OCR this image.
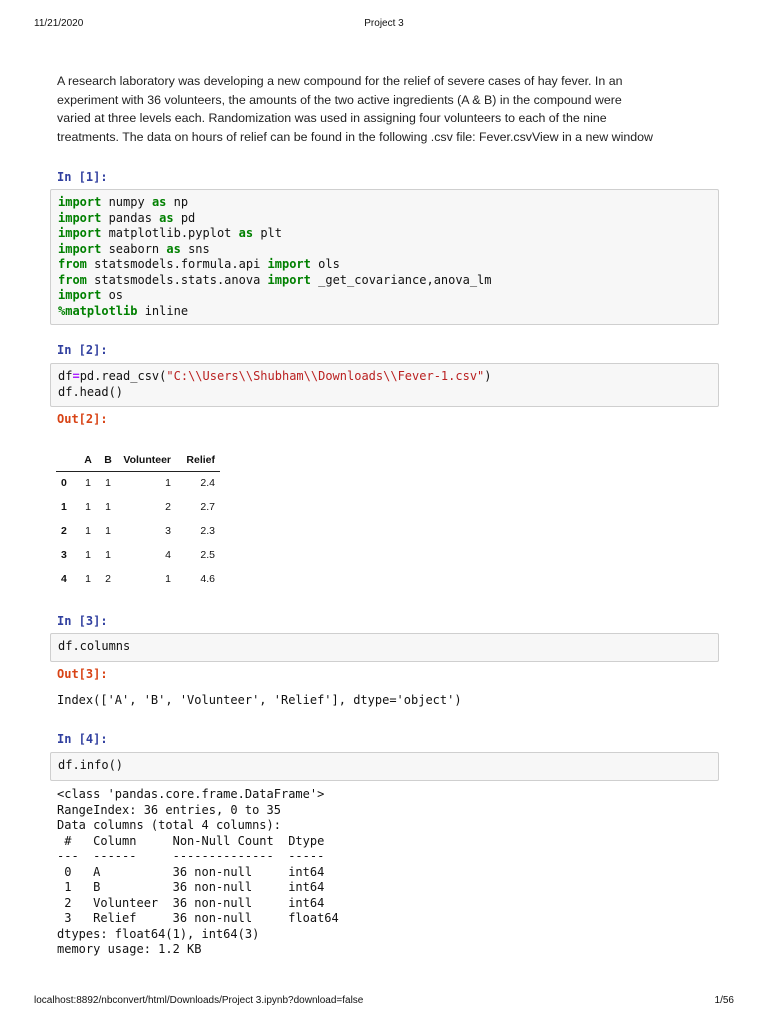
11/21/2020	Project 3

A research laboratory was developing a new compound for the relief of severe cases of hay fever. In an

experiment with 36 volunteers, the amounts of the two active ingredients (A & B) in the compound were

varied at three levels each. Randomization was used in assigning four volunteers to each of the nine

treatments. The data on hours of relief can be found in the following .csv file: Fever.csvView in a new window

In [1]:
import numpy as np
import pandas as pd
import matplotlib.pyplot as plt
import seaborn as sns
from statsmodels.formula.api import ols
from statsmodels.stats.anova import _get_covariance,anova_lm
import os
%matplotlib inline
In [2]:
df=pd.read_csv("C:\\Users\\Shubham\\Downloads\\Fever-1.csv")
df.head()
Out[2]:
	A	B	Volunteer	Relief
0	1	1	1	2.4
1	1	1	2	2.7
2	1	1	3	2.3
3	1	1	4	2.5
4	1	2	1	4.6
In [3]:
df.columns
Out[3]:
Index(['A', 'B', 'Volunteer', 'Relief'], dtype='object')
In [4]:
df.info()
<class 'pandas.core.frame.DataFrame'>
RangeIndex: 36 entries, 0 to 35
Data columns (total 4 columns):
#   Column     Non-Null Count  Dtype
---  ------     --------------  -----
0   A          36 non-null     int64
1   B          36 non-null     int64
2   Volunteer  36 non-null     int64
3   Relief     36 non-null     float64
dtypes: float64(1), int64(3)
memory usage: 1.2 KB
localhost:8892/nbconvert/html/Downloads/Project 3.ipynb?download=false	1/56
